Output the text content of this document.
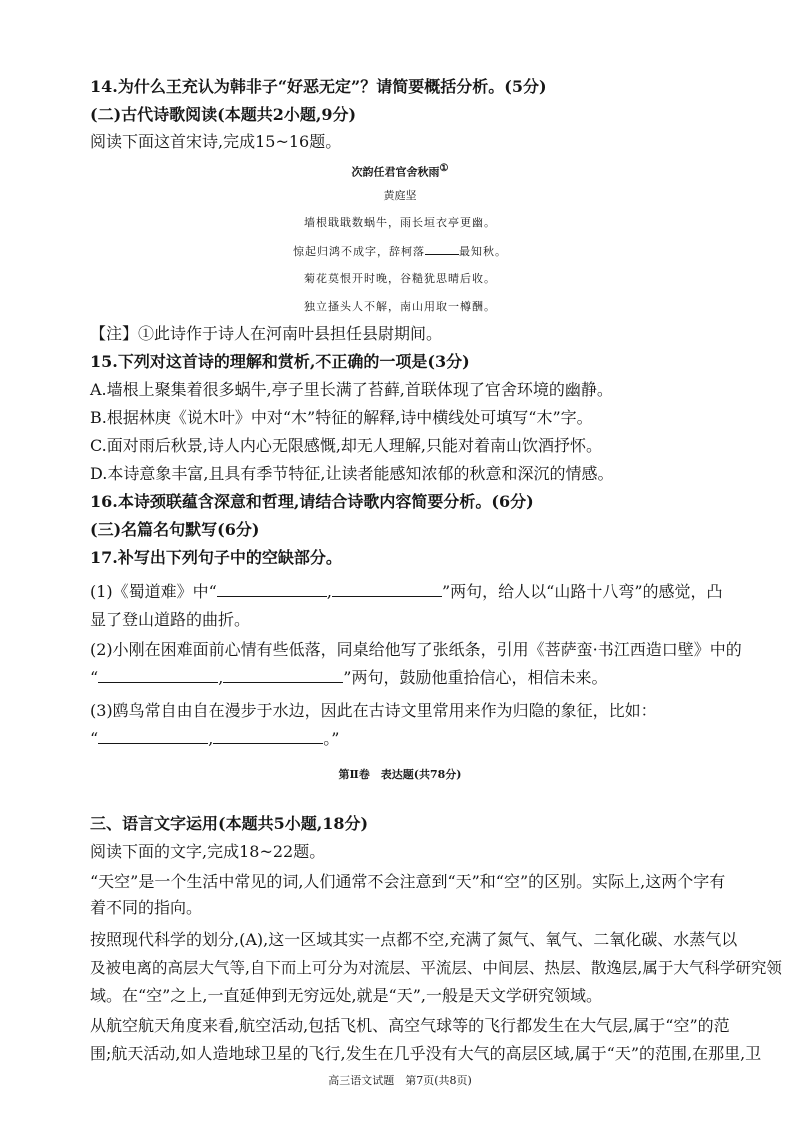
14.为什么王充认为韩非子“好恶无定”？请简要概括分析。(5分)

(二)古代诗歌阅读(本题共2小题,9分)

阅读下面这首宋诗,完成15~16题。

次韵任君官舍秋雨①

黄庭坚

墙根戢戢数蜗牛，雨长垣衣亭更幽。

惊起归鸿不成字，辞柯落	最知秋。

菊花莫恨开时晚，谷糙犹思晴后收。

独立搔头人不解，南山用取一樽酬。

【注】①此诗作于诗人在河南叶县担任县尉期间。

15.下列对这首诗的理解和赏析,不正确的一项是(3分)

A.墙根上聚集着很多蜗牛,亭子里长满了苔藓,首联体现了官舍环境的幽静。

B.根据林庚《说木叶》中对“木”特征的解释,诗中横线处可填写“木”字。

C.面对雨后秋景,诗人内心无限感慨,却无人理解,只能对着南山饮酒抒怀。

D.本诗意象丰富,且具有季节特征,让读者能感知浓郁的秋意和深沉的情感。

16.本诗颈联蕴含深意和哲理,请结合诗歌内容简要分析。(6分)

(三)名篇名句默写(6分)

17.补写出下列句子中的空缺部分。

(1)《蜀道难》中“	,	”两句，给人以“山路十八弯”的感觉，凸

显了登山道路的曲折。

(2)小刚在困难面前心情有些低落，同桌给他写了张纸条，引用《菩萨蛮·书江西造口壁》中的

“	,	”两句，鼓励他重拾信心，相信未来。

(3)鸥鸟常自由自在漫步于水边，因此在古诗文里常用来作为归隐的象征，比如：

“	,	。”

第Ⅱ卷　表达题(共78分)

三、语言文字运用(本题共5小题,18分)

阅读下面的文字,完成18~22题。

“天空”是一个生活中常见的词,人们通常不会注意到“天”和“空”的区别。实际上,这两个字有

着不同的指向。

按照现代科学的划分,(A),这一区域其实一点都不空,充满了氮气、氧气、二氧化碳、水蒸气以

及被电离的高层大气等,自下而上可分为对流层、平流层、中间层、热层、散逸层,属于大气科学研究领

域。在“空”之上,一直延伸到无穷远处,就是“天”,一般是天文学研究领域。

从航空航天角度来看,航空活动,包括飞机、高空气球等的飞行都发生在大气层,属于“空”的范

围;航天活动,如人造地球卫星的飞行,发生在几乎没有大气的高层区域,属于“天”的范围,在那里,卫

高三语文试题　第7页(共8页)
